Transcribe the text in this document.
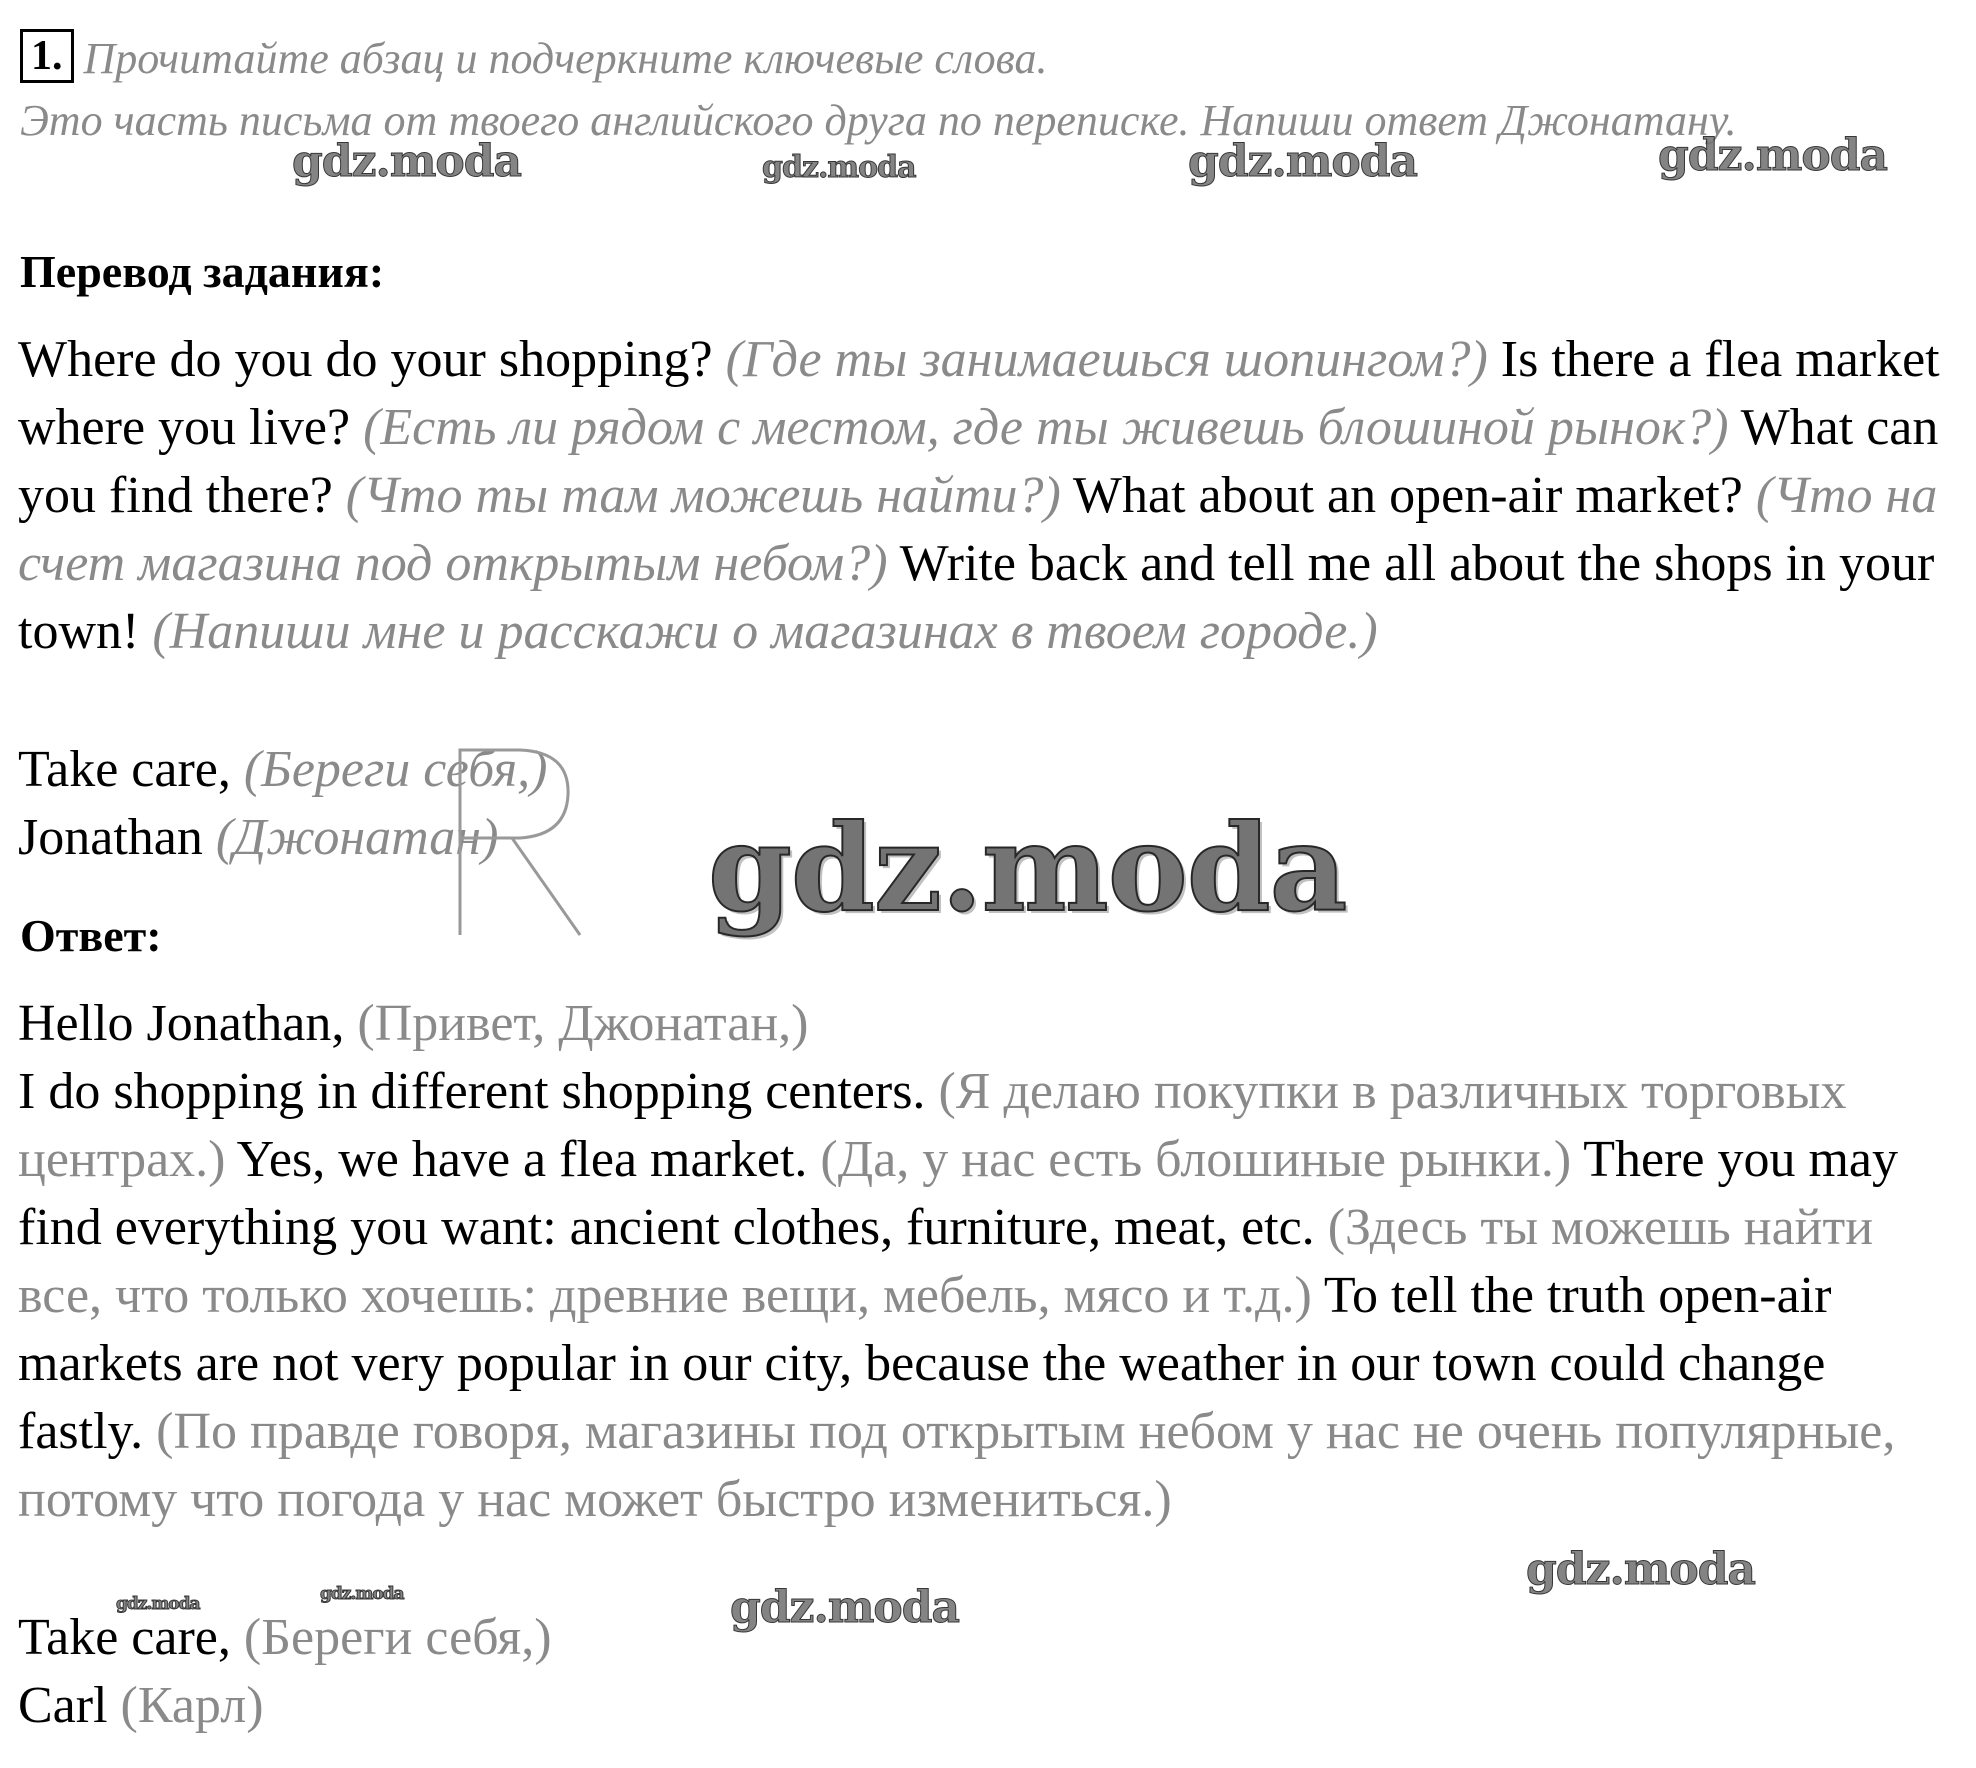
1. Прочитайте абзац и подчеркните ключевые слова.
Это часть письма от твоего английского друга по переписке. Напиши ответ Джонатану.
Перевод задания:
Where do you do your shopping? (Где ты занимаешься шопингом?) Is there a flea market where you live? (Есть ли рядом с местом, где ты живешь блошиной рынок?) What can you find there? (Что ты там можешь найти?) What about an open-air market? (Что на счет магазина под открытым небом?) Write back and tell me all about the shops in your town! (Напиши мне и расскажи о магазинах в твоем городе.)
Take care, (Береги себя,)
Jonathan (Джонатан)
Ответ:
Hello Jonathan, (Привет, Джонатан,)
I do shopping in different shopping centers. (Я делаю покупки в различных торговых центрах.) Yes, we have a flea market. (Да, у нас есть блошиные рынки.) There you may find everything you want: ancient clothes, furniture, meat, etc. (Здесь ты можешь найти все, что только хочешь: древние вещи, мебель, мясо и т.д.) To tell the truth open-air markets are not very popular in our city, because the weather in our town could change fastly. (По правде говоря, магазины под открытым небом у нас не очень популярные, потому что погода у нас может быстро измениться.)
Take care, (Береги себя,)
Carl (Карл)
gdz.moda	gdz.moda	gdz.moda	gdz.moda
gdz.moda
gdz.moda
gdz.moda
gdz.moda	gdz.moda
